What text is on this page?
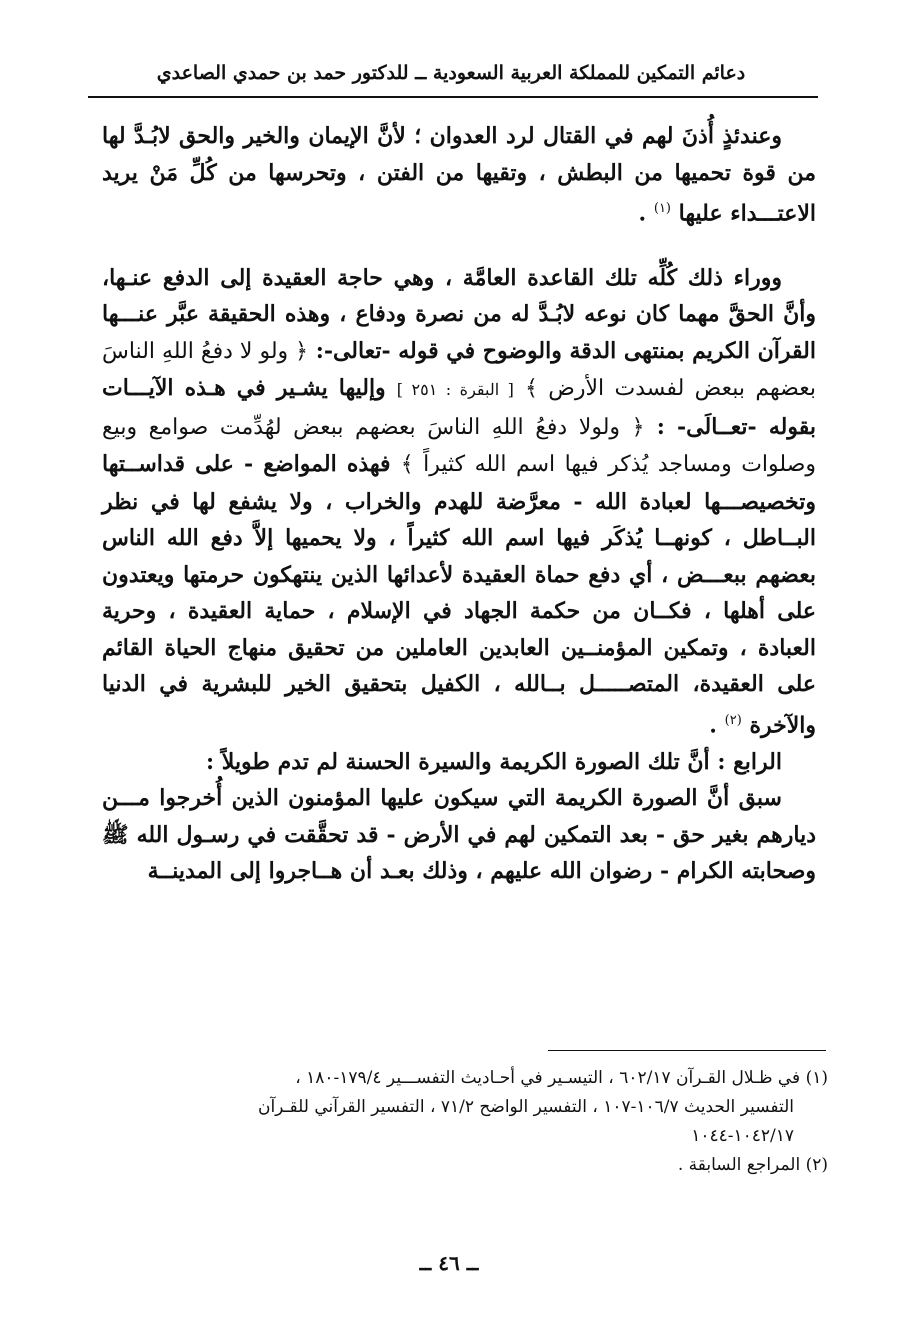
دعائم التمكين للمملكة العربية السعودية ــ للدكتور حمد بن حمدي الصاعدي

وعندئذٍ أُذنَ لهم في القتال لرد العدوان ؛ لأنَّ الإيمان والخير والحق لابُـدَّ لها من قوة تحميها من البطش ، وتقيها من الفتن ، وتحرسها من كُلِّ مَنْ يريد الاعتـــداء عليها $^{(١)}$ .

ووراء ذلك كُلِّه تلك القاعدة العامَّة ، وهي حاجة العقيدة إلى الدفع عنـها، وأنَّ الحقَّ مهما كان نوعه لابُـدَّ له من نصرة ودفاع ، وهذه الحقيقة عبَّر عنـــها القرآن الكريم بمنتهى الدقة والوضوح في قوله -تعالى-: ﴿ ولو لا دفعُ اللهِ الناسَ بعضهم ببعض لفسدت الأرض ﴾ [ البقرة : ٢٥١ ] وإليها يشـير في هـذه الآيـــات بقوله -تعــالَى- : ﴿ ولولا دفعُ اللهِ الناسَ بعضهم ببعض لهُدِّمت صوامع وبيع وصلوات ومساجد يُذكر فيها اسم الله كثيراً ﴾ فهذه المواضع - على قداســتها وتخصيصـــها لعبادة الله - معرَّضة للهدم والخراب ، ولا يشفع لها في نظر البــاطل ، كونهــا يُذكَر فيها اسم الله كثيراً ، ولا يحميها إلاَّ دفع الله الناس بعضهم ببعـــض ، أي دفع حماة العقيدة لأعدائها الذين ينتهكون حرمتها ويعتدون على أهلها ، فكــان من حكمة الجهاد في الإسلام ، حماية العقيدة ، وحرية العبادة ، وتمكين المؤمنــين العابدين العاملين من تحقيق منهاج الحياة القائم على العقيدة، المتصـــــل بــالله ، الكفيل بتحقيق الخير للبشرية في الدنيا والآخرة $^{(٢)}$ .

الرابع : أنَّ تلك الصورة الكريمة والسيرة الحسنة لم تدم طويلاً :

سبق أنَّ الصورة الكريمة التي سيكون عليها المؤمنون الذين أُخرجوا مـــن ديارهم بغير حق - بعد التمكين لهم في الأرض - قد تحقَّقت في رسـول الله ﷺ وصحابته الكرام - رضوان الله عليهم ، وذلك بعـد أن هــاجروا إلى المدينــة

(١) في ظـلال القـرآن ٦٠٢/١٧ ، التيسـير في أحـاديث التفســـير ١٧٩/٤-١٨٠ ،

التفسير الحديث ١٠٦/٧-١٠٧ ، التفسير الواضح ٧١/٢ ، التفسير القرآني للقـرآن

١٠٤٢/١٧-١٠٤٤

(٢) المراجع السابقة .

ــ ٤٦ ــ
